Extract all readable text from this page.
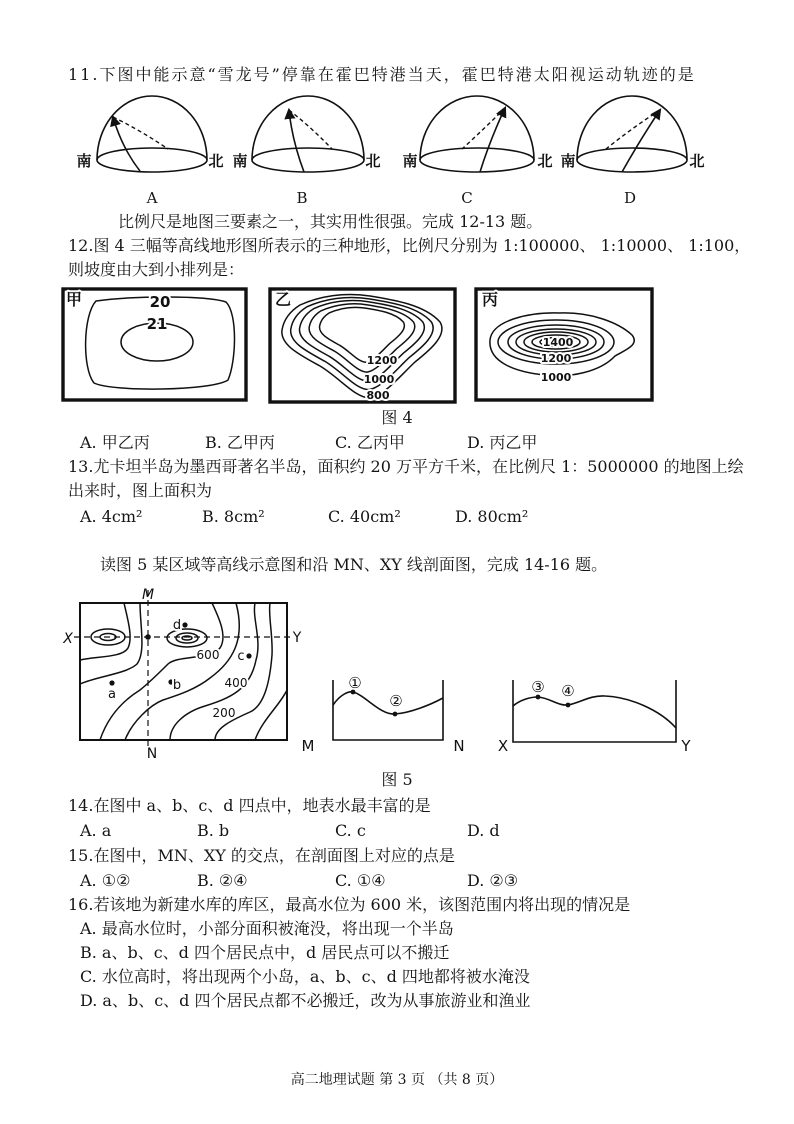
11.下图中能示意“雪龙号”停靠在霍巴特港当天，霍巴特港太阳视运动轨迹的是
南	北 南	北 南	北 南	北
A	B	C	D
比例尺是地图三要素之一，其实用性很强。完成 12-13 题。
12.图 4 三幅等高线地形图所表示的三种地形，比例尺分别为 1:100000、 1:10000、 1:100，
则坡度由大到小排列是：
甲	20
21
乙
1200
1000
800
丙
1400
1200
1000
图 4
A. 甲乙丙	B. 乙甲丙	C. 乙丙甲	D. 丙乙甲
13.尤卡坦半岛为墨西哥著名半岛，面积约 20 万平方千米，在比例尺 1：5000000 的地图上绘
出来时，图上面积为
A. 4cm²	B. 8cm²	C. 40cm²	D. 80cm²
读图 5 某区域等高线示意图和沿 MN、XY 线剖面图，完成 14-16 题。
a
b
c
d
600
400
200
M
N
X	Y
①
②
M	N
③ ④
X	Y
图 5
14.在图中 a、b、c、d 四点中，地表水最丰富的是
A. a	B. b	C. c	D. d
15.在图中，MN、XY 的交点，在剖面图上对应的点是
A. ①②	B. ②④	C. ①④	D. ②③
16.若该地为新建水库的库区，最高水位为 600 米，该图范围内将出现的情况是
A. 最高水位时，小部分面积被淹没，将出现一个半岛
B. a、b、c、d 四个居民点中，d 居民点可以不搬迁
C. 水位高时，将出现两个小岛，a、b、c、d 四地都将被水淹没
D. a、b、c、d 四个居民点都不必搬迁，改为从事旅游业和渔业
高二地理试题 第 3 页 （共 8 页）
